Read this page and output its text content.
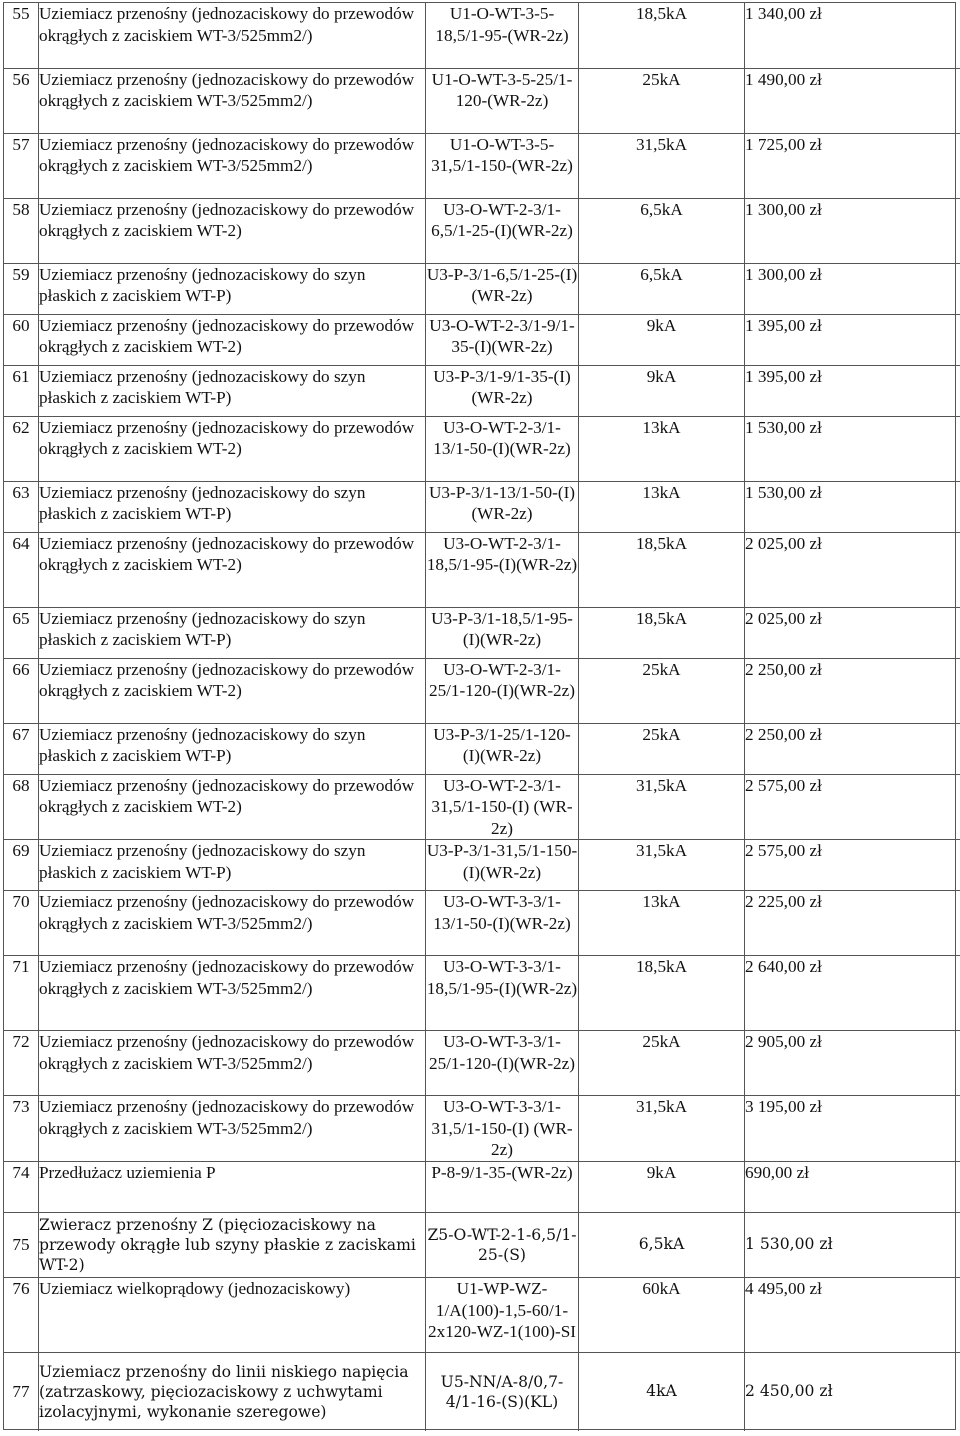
55	Uziemiacz przenośny (jednozaciskowy do przewodów okrągłych z zaciskiem WT-3/525mm2/)	U1-O-WT-3-5-18,5/1-95-(WR-2z)	18,5kA	1 340,00 zł
56	Uziemiacz przenośny (jednozaciskowy do przewodów okrągłych z zaciskiem WT-3/525mm2/)	U1-O-WT-3-5-25/1-120-(WR-2z)	25kA	1 490,00 zł
57	Uziemiacz przenośny (jednozaciskowy do przewodów okrągłych z zaciskiem WT-3/525mm2/)	U1-O-WT-3-5-31,5/1-150-(WR-2z)	31,5kA	1 725,00 zł
58	Uziemiacz przenośny (jednozaciskowy do przewodów okrągłych z zaciskiem WT-2)	U3-O-WT-2-3/1-6,5/1-25-(I)(WR-2z)	6,5kA	1 300,00 zł
59	Uziemiacz przenośny (jednozaciskowy do szyn płaskich z zaciskiem WT-P)	U3-P-3/1-6,5/1-25-(I)(WR-2z)	6,5kA	1 300,00 zł
60	Uziemiacz przenośny (jednozaciskowy do przewodów okrągłych z zaciskiem WT-2)	U3-O-WT-2-3/1-9/1-35-(I)(WR-2z)	9kA	1 395,00 zł
61	Uziemiacz przenośny (jednozaciskowy do szyn płaskich z zaciskiem WT-P)	U3-P-3/1-9/1-35-(I)(WR-2z)	9kA	1 395,00 zł
62	Uziemiacz przenośny (jednozaciskowy do przewodów okrągłych z zaciskiem WT-2)	U3-O-WT-2-3/1-13/1-50-(I)(WR-2z)	13kA	1 530,00 zł
63	Uziemiacz przenośny (jednozaciskowy do szyn płaskich z zaciskiem WT-P)	U3-P-3/1-13/1-50-(I)(WR-2z)	13kA	1 530,00 zł
64	Uziemiacz przenośny (jednozaciskowy do przewodów okrągłych z zaciskiem WT-2)	U3-O-WT-2-3/1-18,5/1-95-(I)(WR-2z)	18,5kA	2 025,00 zł
65	Uziemiacz przenośny (jednozaciskowy do szyn płaskich z zaciskiem WT-P)	U3-P-3/1-18,5/1-95-(I)(WR-2z)	18,5kA	2 025,00 zł
66	Uziemiacz przenośny (jednozaciskowy do przewodów okrągłych z zaciskiem WT-2)	U3-O-WT-2-3/1-25/1-120-(I)(WR-2z)	25kA	2 250,00 zł
67	Uziemiacz przenośny (jednozaciskowy do szyn płaskich z zaciskiem WT-P)	U3-P-3/1-25/1-120-(I)(WR-2z)	25kA	2 250,00 zł
68	Uziemiacz przenośny (jednozaciskowy do przewodów okrągłych z zaciskiem WT-2)	U3-O-WT-2-3/1-31,5/1-150-(I) (WR-2z)	31,5kA	2 575,00 zł
69	Uziemiacz przenośny (jednozaciskowy do szyn płaskich z zaciskiem WT-P)	U3-P-3/1-31,5/1-150-(I)(WR-2z)	31,5kA	2 575,00 zł
70	Uziemiacz przenośny (jednozaciskowy do przewodów okrągłych z zaciskiem WT-3/525mm2/)	U3-O-WT-3-3/1-13/1-50-(I)(WR-2z)	13kA	2 225,00 zł
71	Uziemiacz przenośny (jednozaciskowy do przewodów okrągłych z zaciskiem WT-3/525mm2/)	U3-O-WT-3-3/1-18,5/1-95-(I)(WR-2z)	18,5kA	2 640,00 zł
72	Uziemiacz przenośny (jednozaciskowy do przewodów okrągłych z zaciskiem WT-3/525mm2/)	U3-O-WT-3-3/1-25/1-120-(I)(WR-2z)	25kA	2 905,00 zł
73	Uziemiacz przenośny (jednozaciskowy do przewodów okrągłych z zaciskiem WT-3/525mm2/)	U3-O-WT-3-3/1-31,5/1-150-(I) (WR-2z)	31,5kA	3 195,00 zł
74	Przedłużacz uziemienia P	P-8-9/1-35-(WR-2z)	9kA	690,00 zł
75	Zwieracz przenośny Z (pięciozaciskowy na przewody okrągłe lub szyny płaskie z zaciskami WT-2)	Z5-O-WT-2-1-6,5/1-25-(S)	6,5kA	1 530,00 zł
76	Uziemiacz wielkoprądowy (jednozaciskowy)	U1-WP-WZ-1/A(100)-1,5-60/1-2x120-WZ-1(100)-SI	60kA	4 495,00 zł
77	Uziemiacz przenośny do linii niskiego napięcia (zatrzaskowy, pięciozaciskowy z uchwytami izolacyjnymi, wykonanie szeregowe)	U5-NN/A-8/0,7-4/1-16-(S)(KL)	4kA	2 450,00 zł
